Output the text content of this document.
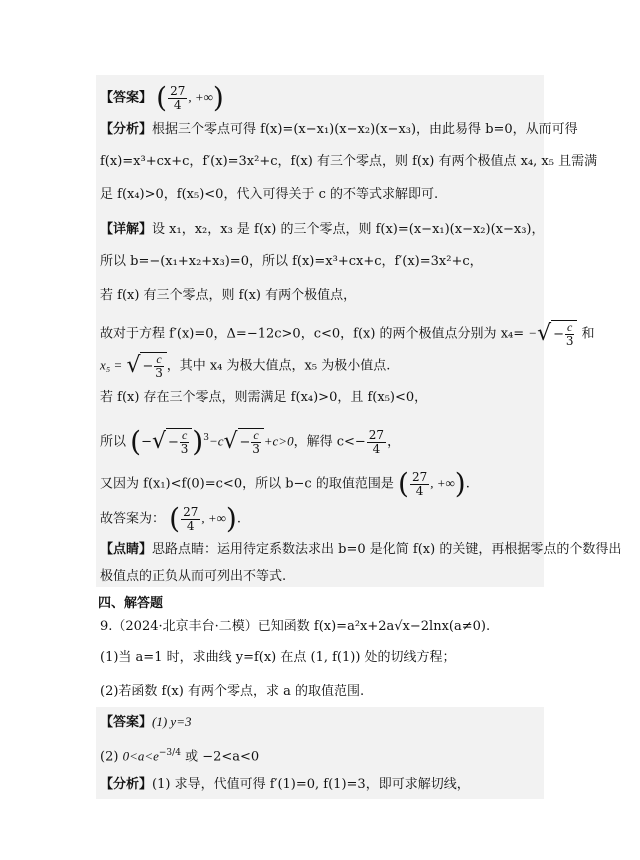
【答案】 ( $\frac{27}{4}$ , +∞)
【分析】根据三个零点可得 f(x)=(x−x₁)(x−x₂)(x−x₃)，由此易得 b=0，从而可得
f(x)=x³+cx+c，f′(x)=3x²+c，f(x) 有三个零点，则 f(x) 有两个极值点 x₄, x₅ 且需满
足 f(x₄)>0，f(x₅)<0，代入可得关于 c 的不等式求解即可.
【详解】设 x₁，x₂，x₃ 是 f(x) 的三个零点，则 f(x)=(x−x₁)(x−x₂)(x−x₃)，
所以 b=−(x₁+x₂+x₃)=0，所以 f(x)=x³+cx+c，f′(x)=3x²+c，
若 f(x) 有三个零点，则 f(x) 有两个极值点，
故对于方程 f′(x)=0，Δ=−12c>0，c<0，f(x) 的两个极值点分别为 x₄= −√ − $\frac{c}{3}$ 和
x₅ = √ − $\frac{c}{3}$ ，其中 x₄ 为极大值点，x₅ 为极小值点.
若 f(x) 存在三个零点，则需满足 f(x₄)>0，且 f(x₅)<0，
所以 (−√ − $\frac{c}{3} )^3-c√ - \frac{c}{3} +c>0$，解得 $c<- \frac{27}{4}$ ，
又因为 f(x₁)<f(0)=c<0，所以 b−c 的取值范围是 ( $\frac{27}{4}$ , +∞).
故答案为： ( $\frac{27}{4}$ , +∞).
【点睛】思路点睛：运用待定系数法求出 b=0 是化简 f(x) 的关键，再根据零点的个数得出
极值点的正负从而可列出不等式.
四、解答题
9.（2024·北京丰台·二模）已知函数 f(x)=a²x+2a√x−2lnx(a≠0).
(1)当 a=1 时，求曲线 y=f(x) 在点 (1, f(1)) 处的切线方程；
(2)若函数 f(x) 有两个零点，求 a 的取值范围.
【答案】(1) y=3
(2) $0<a<e^{-3/4}$ 或 −2<a<0
【分析】(1) 求导，代值可得 f′(1)=0, f(1)=3，即可求解切线，
